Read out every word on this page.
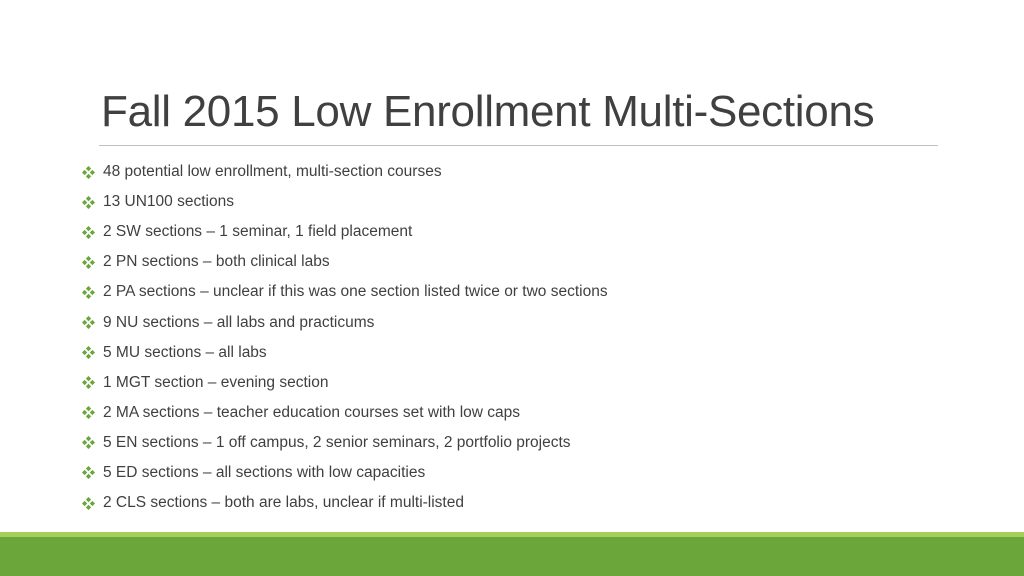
Fall 2015 Low Enrollment Multi-Sections
48 potential low enrollment, multi-section courses
13 UN100 sections
2 SW sections – 1 seminar, 1 field placement
2 PN sections – both clinical labs
2 PA sections – unclear if this was one section listed twice or two sections
9 NU sections – all labs and practicums
5 MU sections – all labs
1 MGT section – evening section
2 MA sections – teacher education courses set with low caps
5 EN sections – 1 off campus, 2 senior seminars, 2 portfolio projects
5 ED sections – all sections with low capacities
2 CLS sections – both are labs, unclear if multi-listed
